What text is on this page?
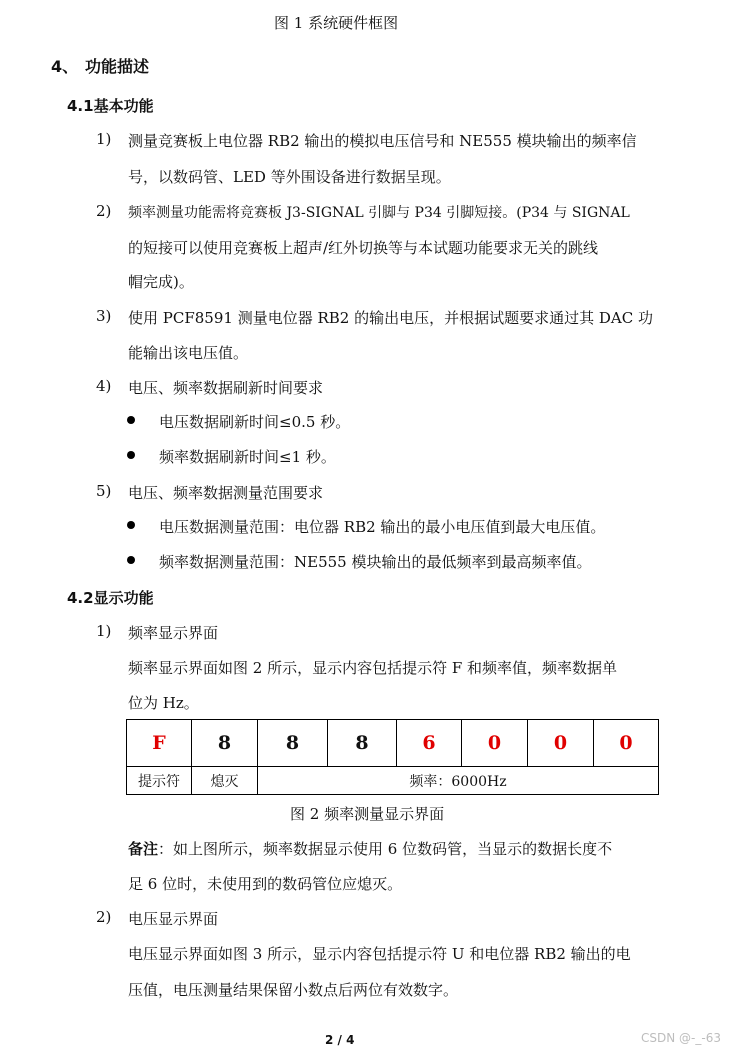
图 1 系统硬件框图
4、 功能描述
4.1基本功能
1) 测量竞赛板上电位器 RB2 输出的模拟电压信号和 NE555 模块输出的频率信
号，以数码管、LED 等外围设备进行数据呈现。
2) 频率测量功能需将竞赛板 J3-SIGNAL 引脚与 P34 引脚短接。(P34 与 SIGNAL
的短接可以使用竞赛板上超声/红外切换等与本试题功能要求无关的跳线
帽完成)。
3) 使用 PCF8591 测量电位器 RB2 的输出电压，并根据试题要求通过其 DAC 功
能输出该电压值。
4) 电压、频率数据刷新时间要求
电压数据刷新时间≤0.5 秒。
频率数据刷新时间≤1 秒。
5) 电压、频率数据测量范围要求
电压数据测量范围：电位器 RB2 输出的最小电压值到最大电压值。
频率数据测量范围：NE555 模块输出的最低频率到最高频率值。
4.2显示功能
1) 频率显示界面
频率显示界面如图 2 所示，显示内容包括提示符 F 和频率值，频率数据单
位为 Hz。
F	8	8	8	6	0	0	0
提示符	熄灭	频率：6000Hz					
图 2 频率测量显示界面
备注：如上图所示，频率数据显示使用 6 位数码管，当显示的数据长度不
足 6 位时，未使用到的数码管位应熄灭。
2) 电压显示界面
电压显示界面如图 3 所示，显示内容包括提示符 U 和电位器 RB2 输出的电
压值，电压测量结果保留小数点后两位有效数字。
2 / 4	CSDN @-_-63
